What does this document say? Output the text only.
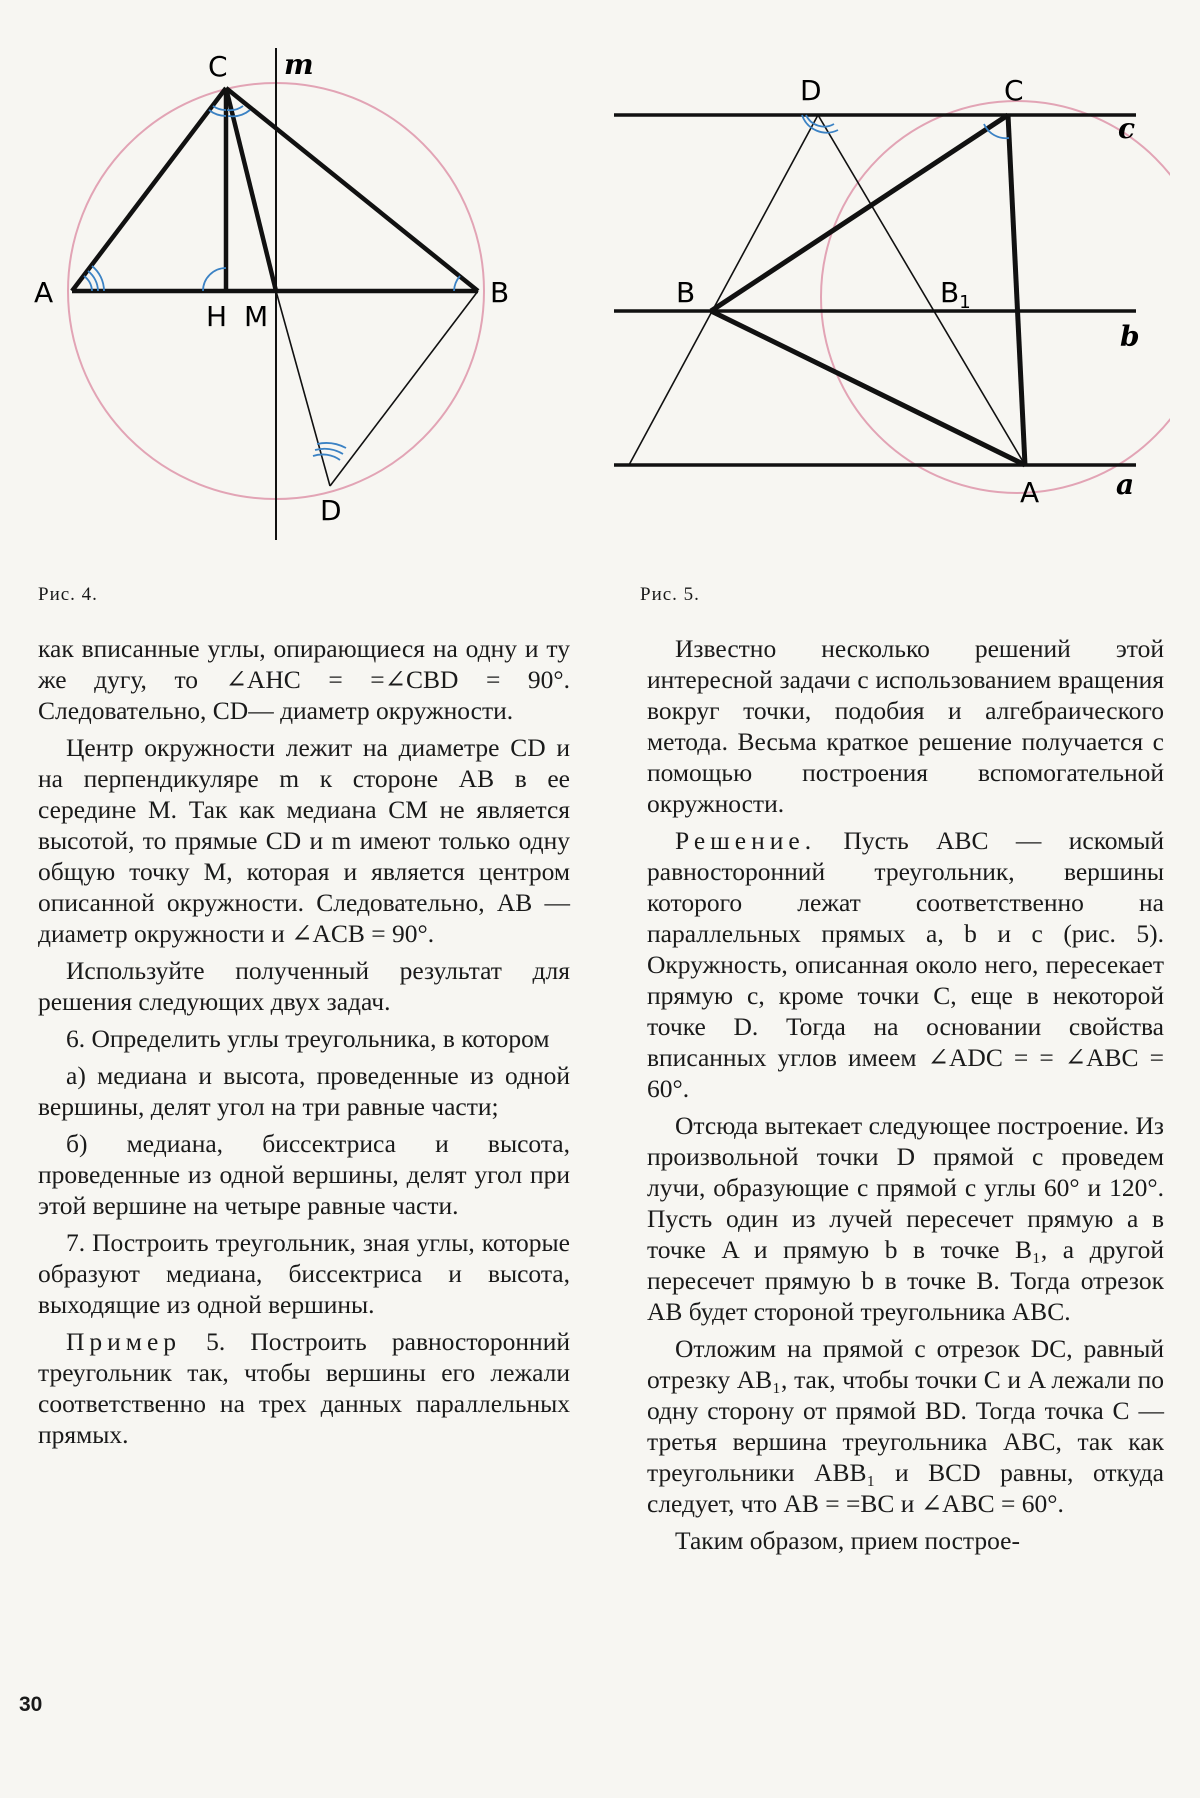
C m
A	B
H M
D
D	C
c
B	$B_1$
b
A	a
Рис. 4.	Рис. 5.

как вписанные углы, опирающиеся на одну и ту же дугу, то ∠AHC = =∠CBD = 90°. Следовательно, CD— диаметр окружности.

Центр окружности лежит на диаметре CD и на перпендикуляре m к стороне AB в ее середине M. Так как медиана CM не является высотой, то прямые CD и m имеют только одну общую точку M, которая и является центром описанной окружности. Следовательно, AB — диаметр окружности и ∠ACB = 90°.

Используйте полученный результат для решения следующих двух задач.

6. Определить углы треугольника, в котором

а) медиана и высота, проведенные из одной вершины, делят угол на три равные части;

б) медиана, биссектриса и высота, проведенные из одной вершины, делят угол при этой вершине на четыре равные части.

7. Построить треугольник, зная углы, которые образуют медиана, биссектриса и высота, выходящие из одной вершины.

Пример 5. Построить равносторонний треугольник так, чтобы вершины его лежали соответственно на трех данных параллельных прямых.

Известно несколько решений этой интересной задачи с использованием вращения вокруг точки, подобия и алгебраического метода. Весьма краткое решение получается с помощью построения вспомогательной окружности.

Решение. Пусть ABC — искомый равносторонний треугольник, вершины которого лежат соответственно на параллельных прямых a, b и c (рис. 5). Окружность, описанная около него, пересекает прямую c, кроме точки C, еще в некоторой точке D. Тогда на основании свойства вписанных углов имеем ∠ADC = = ∠ABC = 60°.

Отсюда вытекает следующее построение. Из произвольной точки D прямой c проведем лучи, образующие с прямой c углы 60° и 120°. Пусть один из лучей пересечет прямую a в точке A и прямую b в точке B₁, а другой пересечет прямую b в точке B. Тогда отрезок AB будет стороной треугольника ABC.

Отложим на прямой c отрезок DC, равный отрезку AB₁, так, чтобы точки C и A лежали по одну сторону от прямой BD. Тогда точка C — третья вершина треугольника ABC, так как треугольники ABB₁ и BCD равны, откуда следует, что AB = =BC и ∠ABC = 60°.

Таким образом, прием построе-

30
